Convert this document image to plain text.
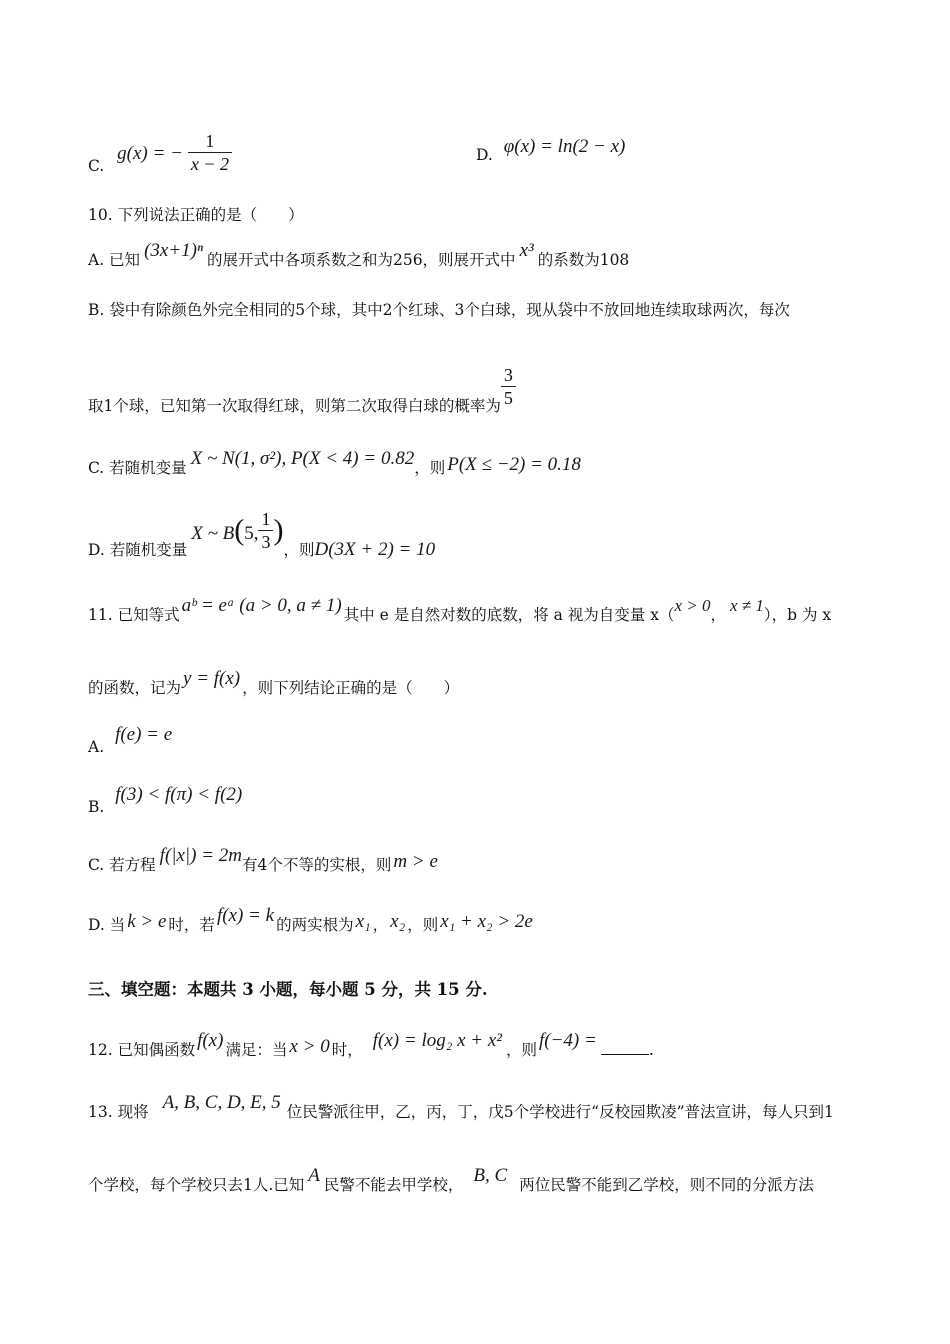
C. g(x) = − $\frac{1}{x - 2}$	D. φ(x) = ln(2 − x)
10. 下列说法正确的是（　　）
A. 已知 (3x+1)ⁿ 的展开式中各项系数之和为256，则展开式中 x³ 的系数为108
B. 袋中有除颜色外完全相同的5个球，其中2个红球、3个白球，现从袋中不放回地连续取球两次，每次
取1个球，已知第一次取得红球，则第二次取得白球的概率为 $\frac{3}{5}$
C. 若随机变量 X ~ N(1, σ²), P(X < 4) = 0.82，则 P(X ≤ −2) = 0.18
D. 若随机变量X ~ B(5, $\frac{1}{3}$ )，则D(3X + 2) = 10
11. 已知等式 aᵇ = eᵃ (a > 0, a ≠ 1) 其中 e 是自然对数的底数，将 a 视为自变量 x（x > 0， x ≠ 1），b 为 x
的函数，记为 y = f(x) ，则下列结论正确的是（　　）
A. f(e) = e
B. f(3) < f(π) < f(2)
C. 若方程 f(|x|) = 2m有4个不等的实根，则 m > e
D. 当 k > e 时，若 f(x) = k 的两实根为 x₁ ， x₂ ，则 x₁ + x₂ > 2e
三、填空题：本题共 3 小题，每小题 5 分，共 15 分.
12. 已知偶函数 f(x) 满足：当 x > 0 时， f(x) = log₂ x + x² ，则 f(−4) =	.
13. 现将 A, B, C, D, E, 5 位民警派往甲，乙，丙，丁，戊5个学校进行“反校园欺凌”普法宣讲，每人只到1
个学校，每个学校只去1人.已知 A 民警不能去甲学校， B, C 两位民警不能到乙学校，则不同的分派方法
